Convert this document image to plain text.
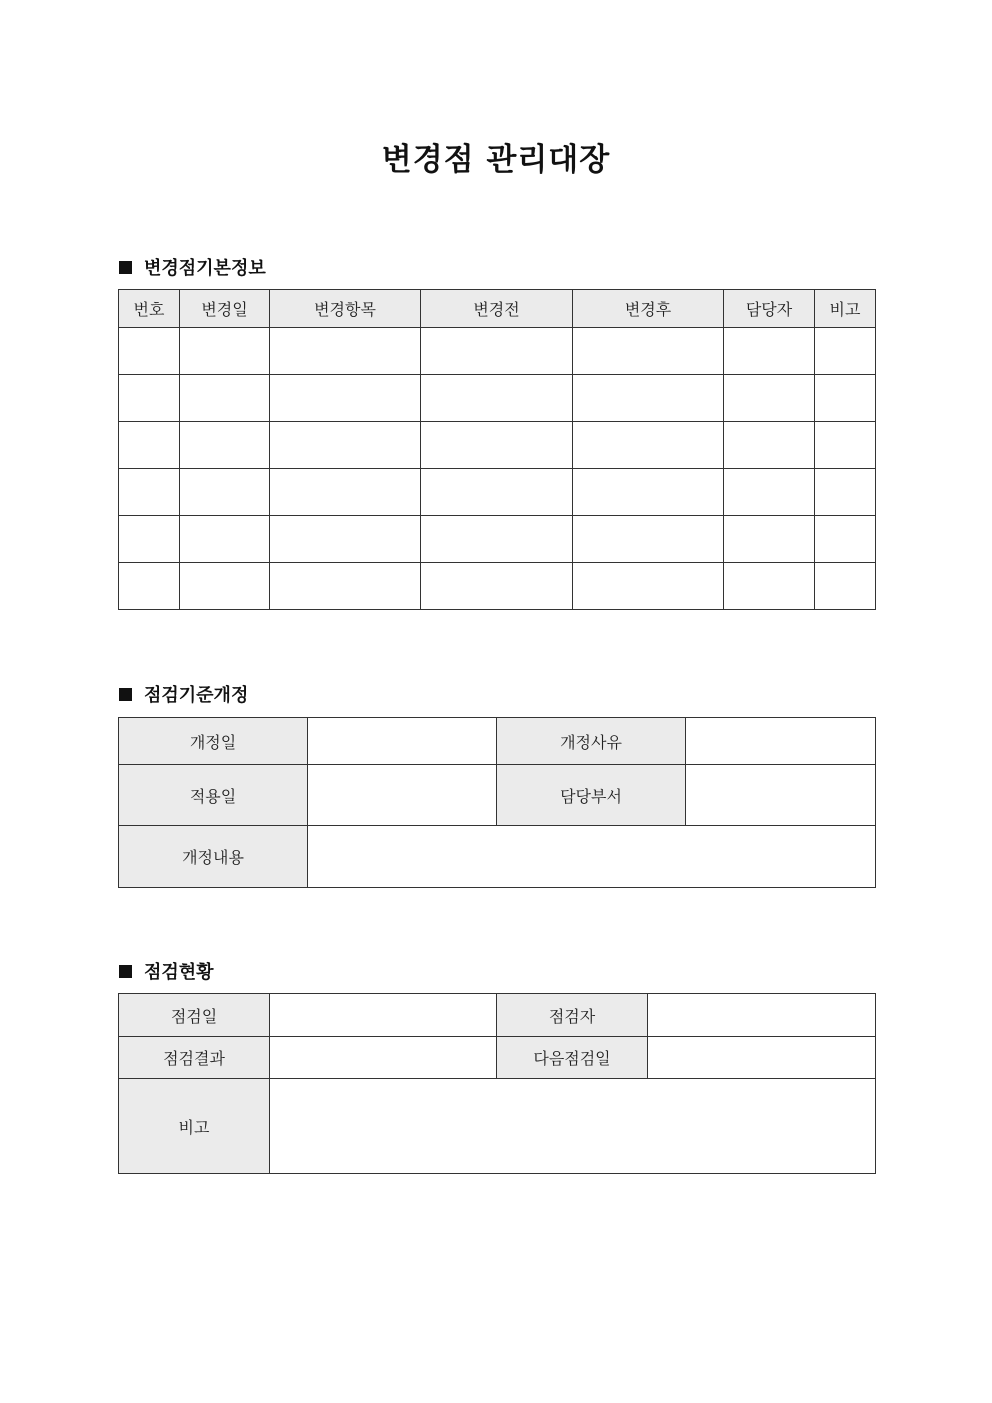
변경점 관리대장
변경점기본정보
번호	변경일	변경항목	변경전	변경후	담당자	비고

점검기준개정
개정일		개정사유	
적용일		담당부서	
개정내용			
점검현황
점검일		점검자	
점검결과		다음점검일	
비고			
